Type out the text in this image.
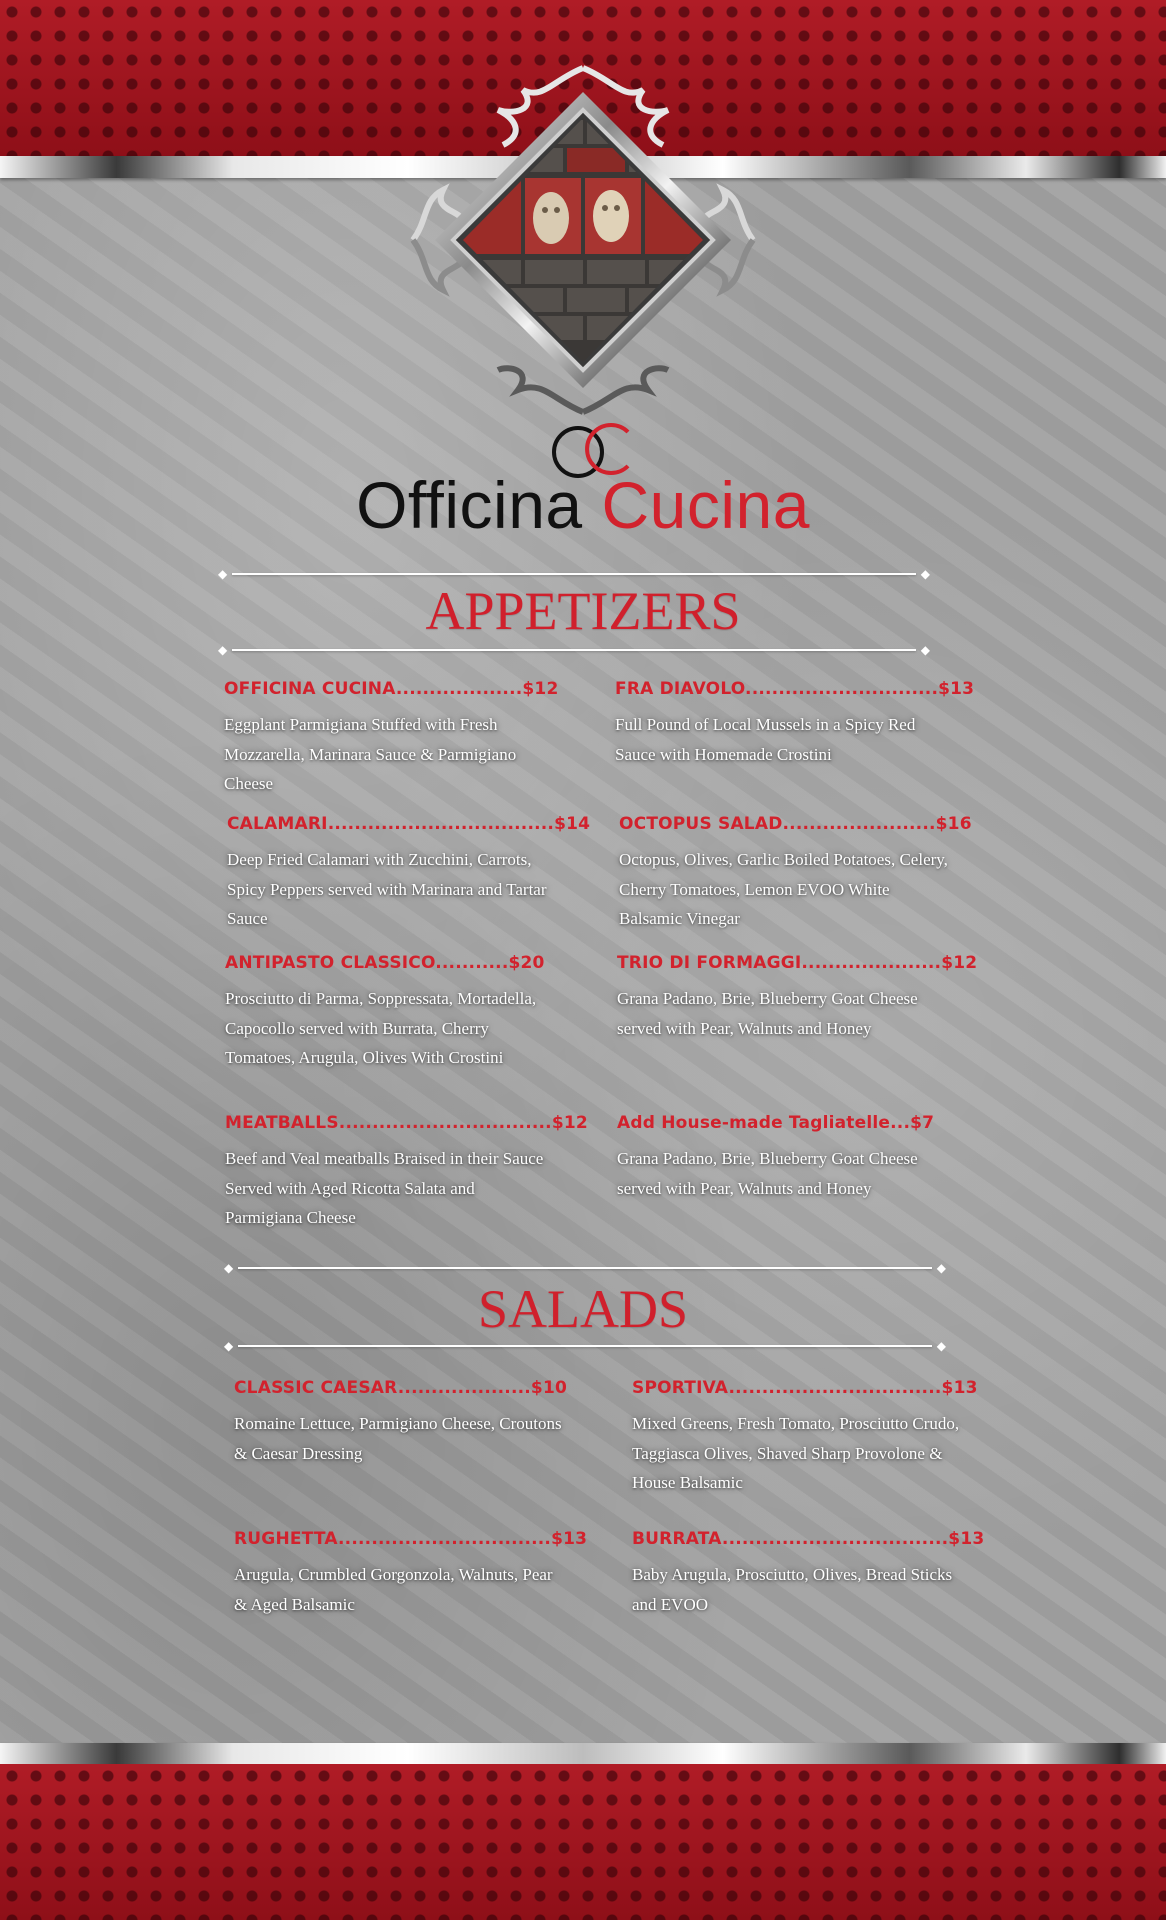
Officina Cucina
◆	◆
APPETIZERS
◆	◆
OFFICINA CUCINA...................$12
Eggplant Parmigiana Stuffed with Fresh Mozzarella, Marinara Sauce & Parmigiano Cheese
FRA DIAVOLO.............................$13
Full Pound of Local Mussels in a Spicy Red Sauce with Homemade Crostini
CALAMARI..................................$14
Deep Fried Calamari with Zucchini, Carrots, Spicy Peppers served with Marinara and Tartar Sauce
OCTOPUS SALAD.......................$16
Octopus, Olives, Garlic Boiled Potatoes, Celery, Cherry Tomatoes, Lemon EVOO White Balsamic Vinegar
ANTIPASTO CLASSICO...........$20
Prosciutto di Parma, Soppressata, Mortadella, Capocollo served with Burrata, Cherry Tomatoes, Arugula, Olives With Crostini
TRIO DI FORMAGGI.....................$12
Grana Padano, Brie, Blueberry Goat Cheese served with Pear, Walnuts and Honey
MEATBALLS................................$12
Beef and Veal meatballs Braised in their Sauce Served with Aged Ricotta Salata and Parmigiana Cheese
Add House-made Tagliatelle...$7
Grana Padano, Brie, Blueberry Goat Cheese served with Pear, Walnuts and Honey
◆	◆
SALADS
◆	◆
CLASSIC CAESAR....................$10
Romaine Lettuce, Parmigiano Cheese, Croutons & Caesar Dressing
SPORTIVA................................$13
Mixed Greens, Fresh Tomato, Prosciutto Crudo, Taggiasca Olives, Shaved Sharp Provolone & House Balsamic
RUGHETTA................................$13
Arugula, Crumbled Gorgonzola, Walnuts, Pear & Aged Balsamic
BURRATA..................................$13
Baby Arugula, Prosciutto, Olives, Bread Sticks and EVOO
